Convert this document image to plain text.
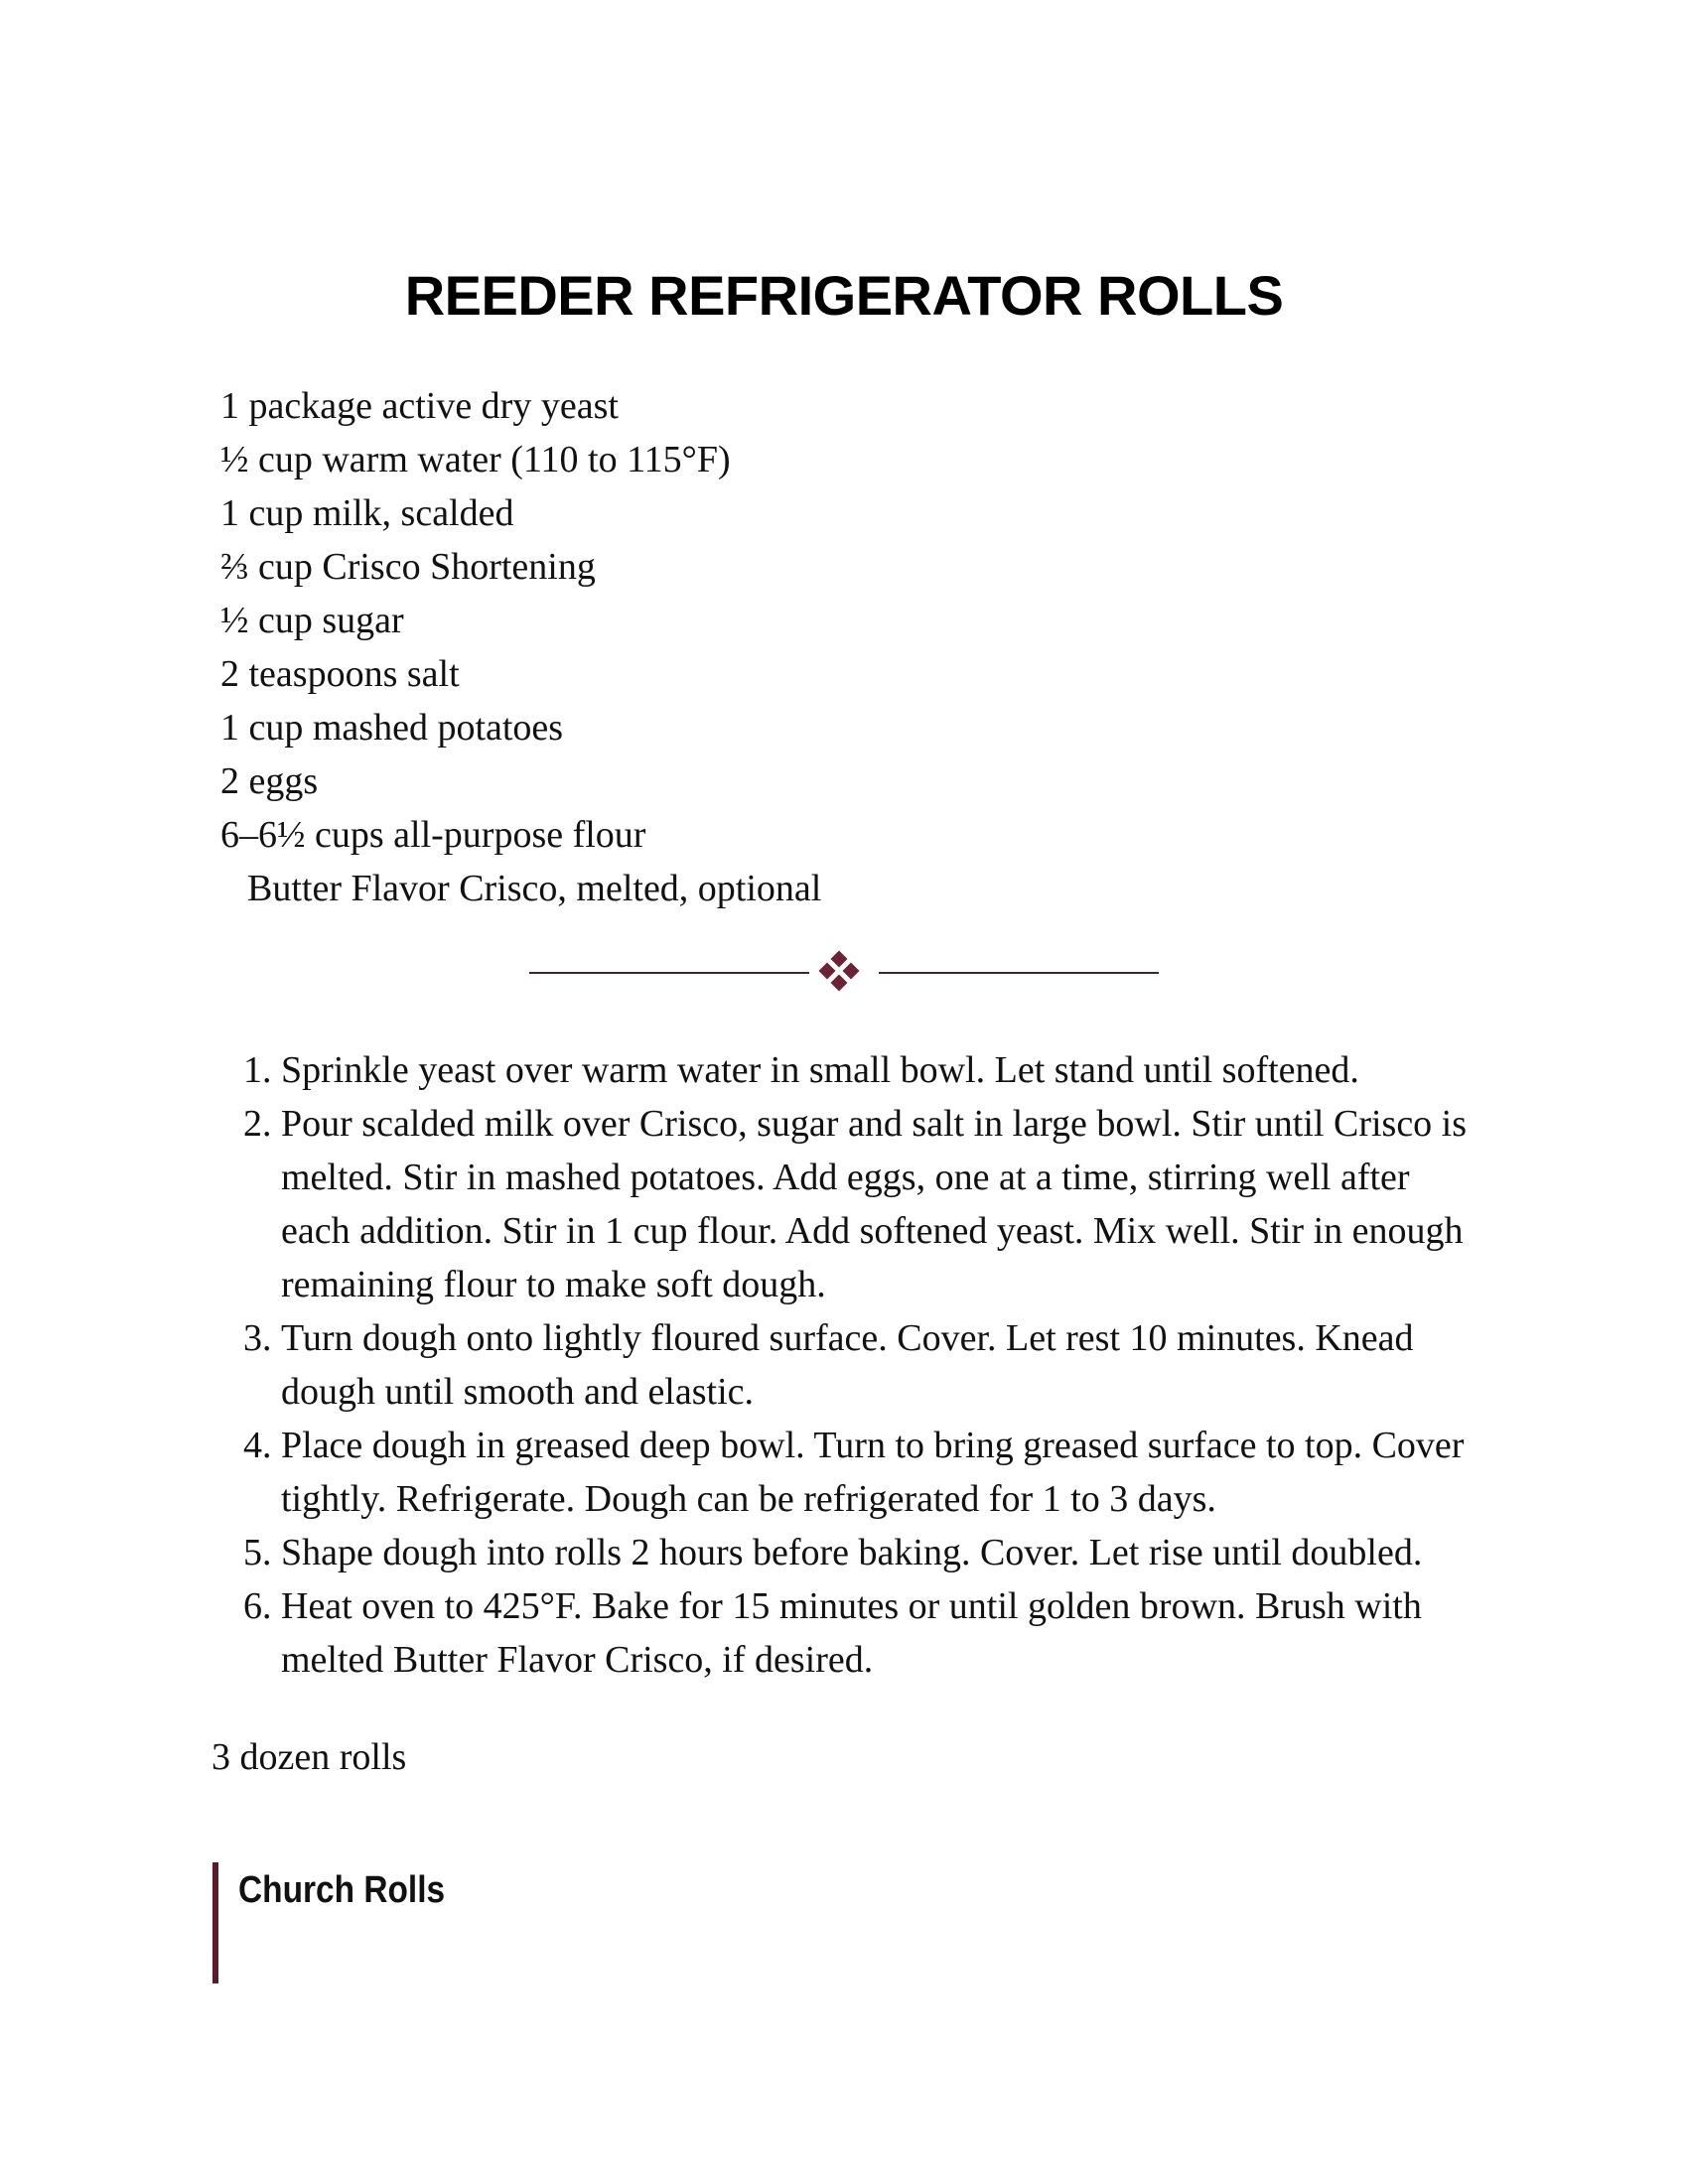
REEDER REFRIGERATOR ROLLS
1 package active dry yeast
½ cup warm water (110 to 115°F)
1 cup milk, scalded
⅔ cup Crisco Shortening
½ cup sugar
2 teaspoons salt
1 cup mashed potatoes
2 eggs
6–6½ cups all-purpose flour
Butter Flavor Crisco, melted, optional
1. Sprinkle yeast over warm water in small bowl. Let stand until softened.
2. Pour scalded milk over Crisco, sugar and salt in large bowl. Stir until Crisco is melted. Stir in mashed potatoes. Add eggs, one at a time, stirring well after each addition. Stir in 1 cup flour. Add softened yeast. Mix well. Stir in enough remaining flour to make soft dough.
3. Turn dough onto lightly floured surface. Cover. Let rest 10 minutes. Knead dough until smooth and elastic.
4. Place dough in greased deep bowl. Turn to bring greased surface to top. Cover tightly. Refrigerate. Dough can be refrigerated for 1 to 3 days.
5. Shape dough into rolls 2 hours before baking. Cover. Let rise until doubled.
6. Heat oven to 425°F. Bake for 15 minutes or until golden brown. Brush with melted Butter Flavor Crisco, if desired.

3 dozen rolls

Church Rolls
